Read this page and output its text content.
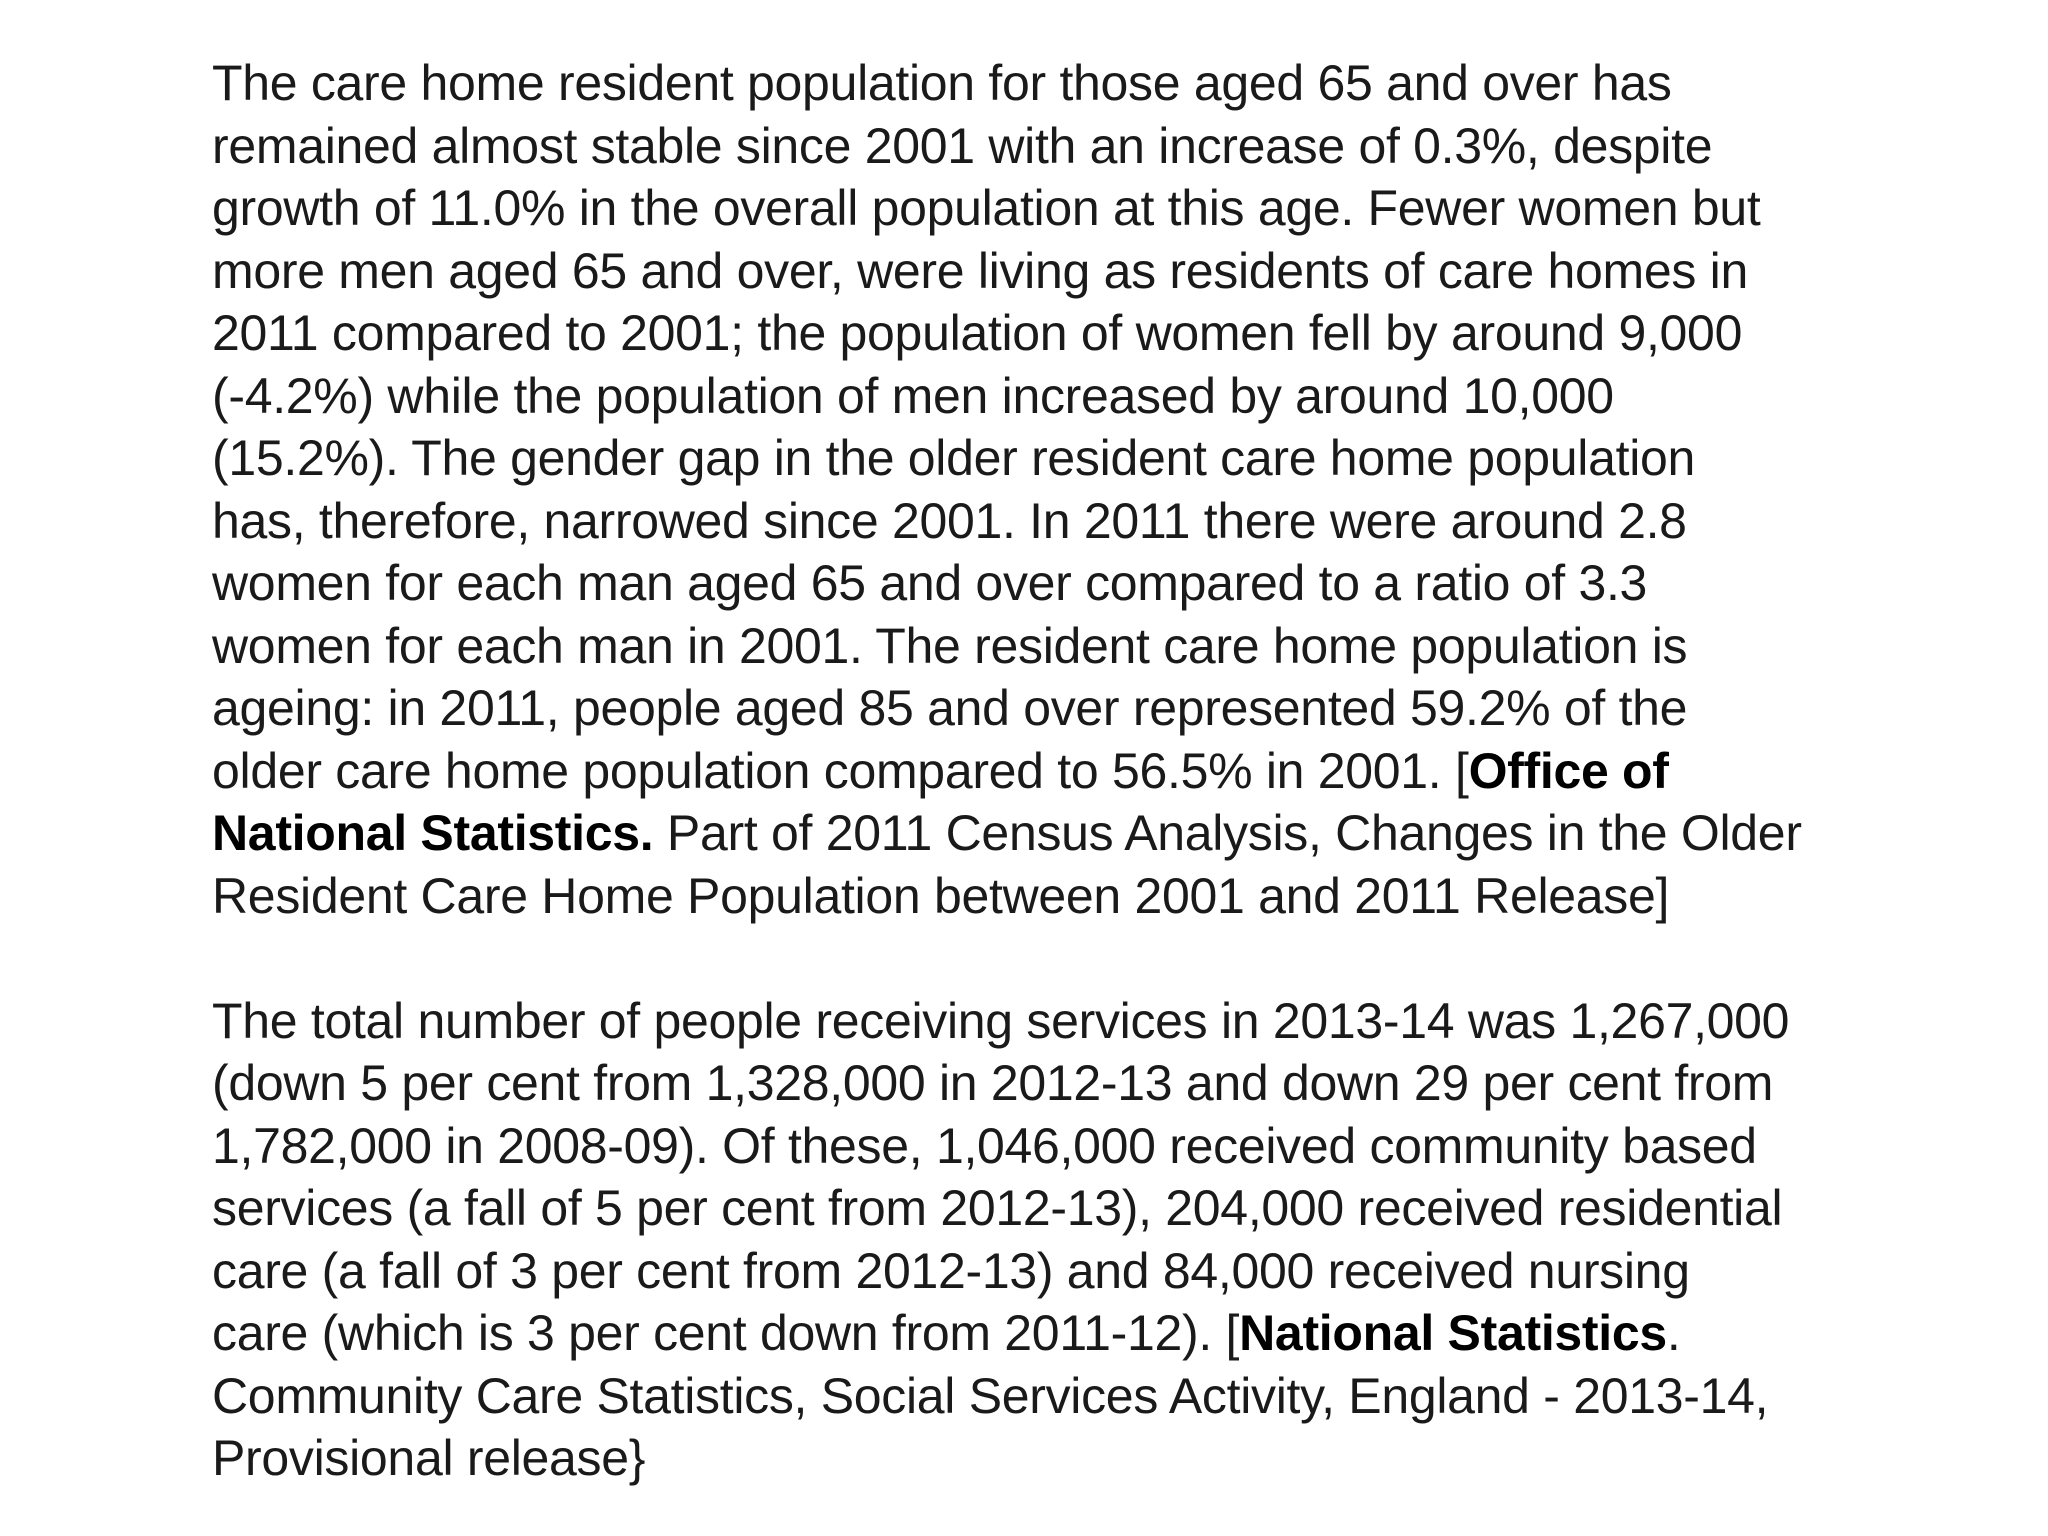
The care home resident population for those aged 65 and over has
remained almost stable since 2001 with an increase of 0.3%, despite
growth of 11.0% in the overall population at this age. Fewer women but
more men aged 65 and over, were living as residents of care homes in
2011 compared to 2001; the population of women fell by around 9,000
(-4.2%) while the population of men increased by around 10,000
(15.2%). The gender gap in the older resident care home population
has, therefore, narrowed since 2001. In 2011 there were around 2.8
women for each man aged 65 and over compared to a ratio of 3.3
women for each man in 2001. The resident care home population is
ageing: in 2011, people aged 85 and over represented 59.2% of the
older care home population compared to 56.5% in 2001. [Office of
National Statistics. Part of 2011 Census Analysis, Changes in the Older
Resident Care Home Population between 2001 and 2011 Release]

The total number of people receiving services in 2013-14 was 1,267,000
(down 5 per cent from 1,328,000 in 2012-13 and down 29 per cent from
1,782,000 in 2008-09). Of these, 1,046,000 received community based
services (a fall of 5 per cent from 2012-13), 204,000 received residential
care (a fall of 3 per cent from 2012-13) and 84,000 received nursing
care (which is 3 per cent down from 2011-12). [National Statistics.
Community Care Statistics, Social Services Activity, England - 2013-14,
Provisional release}
